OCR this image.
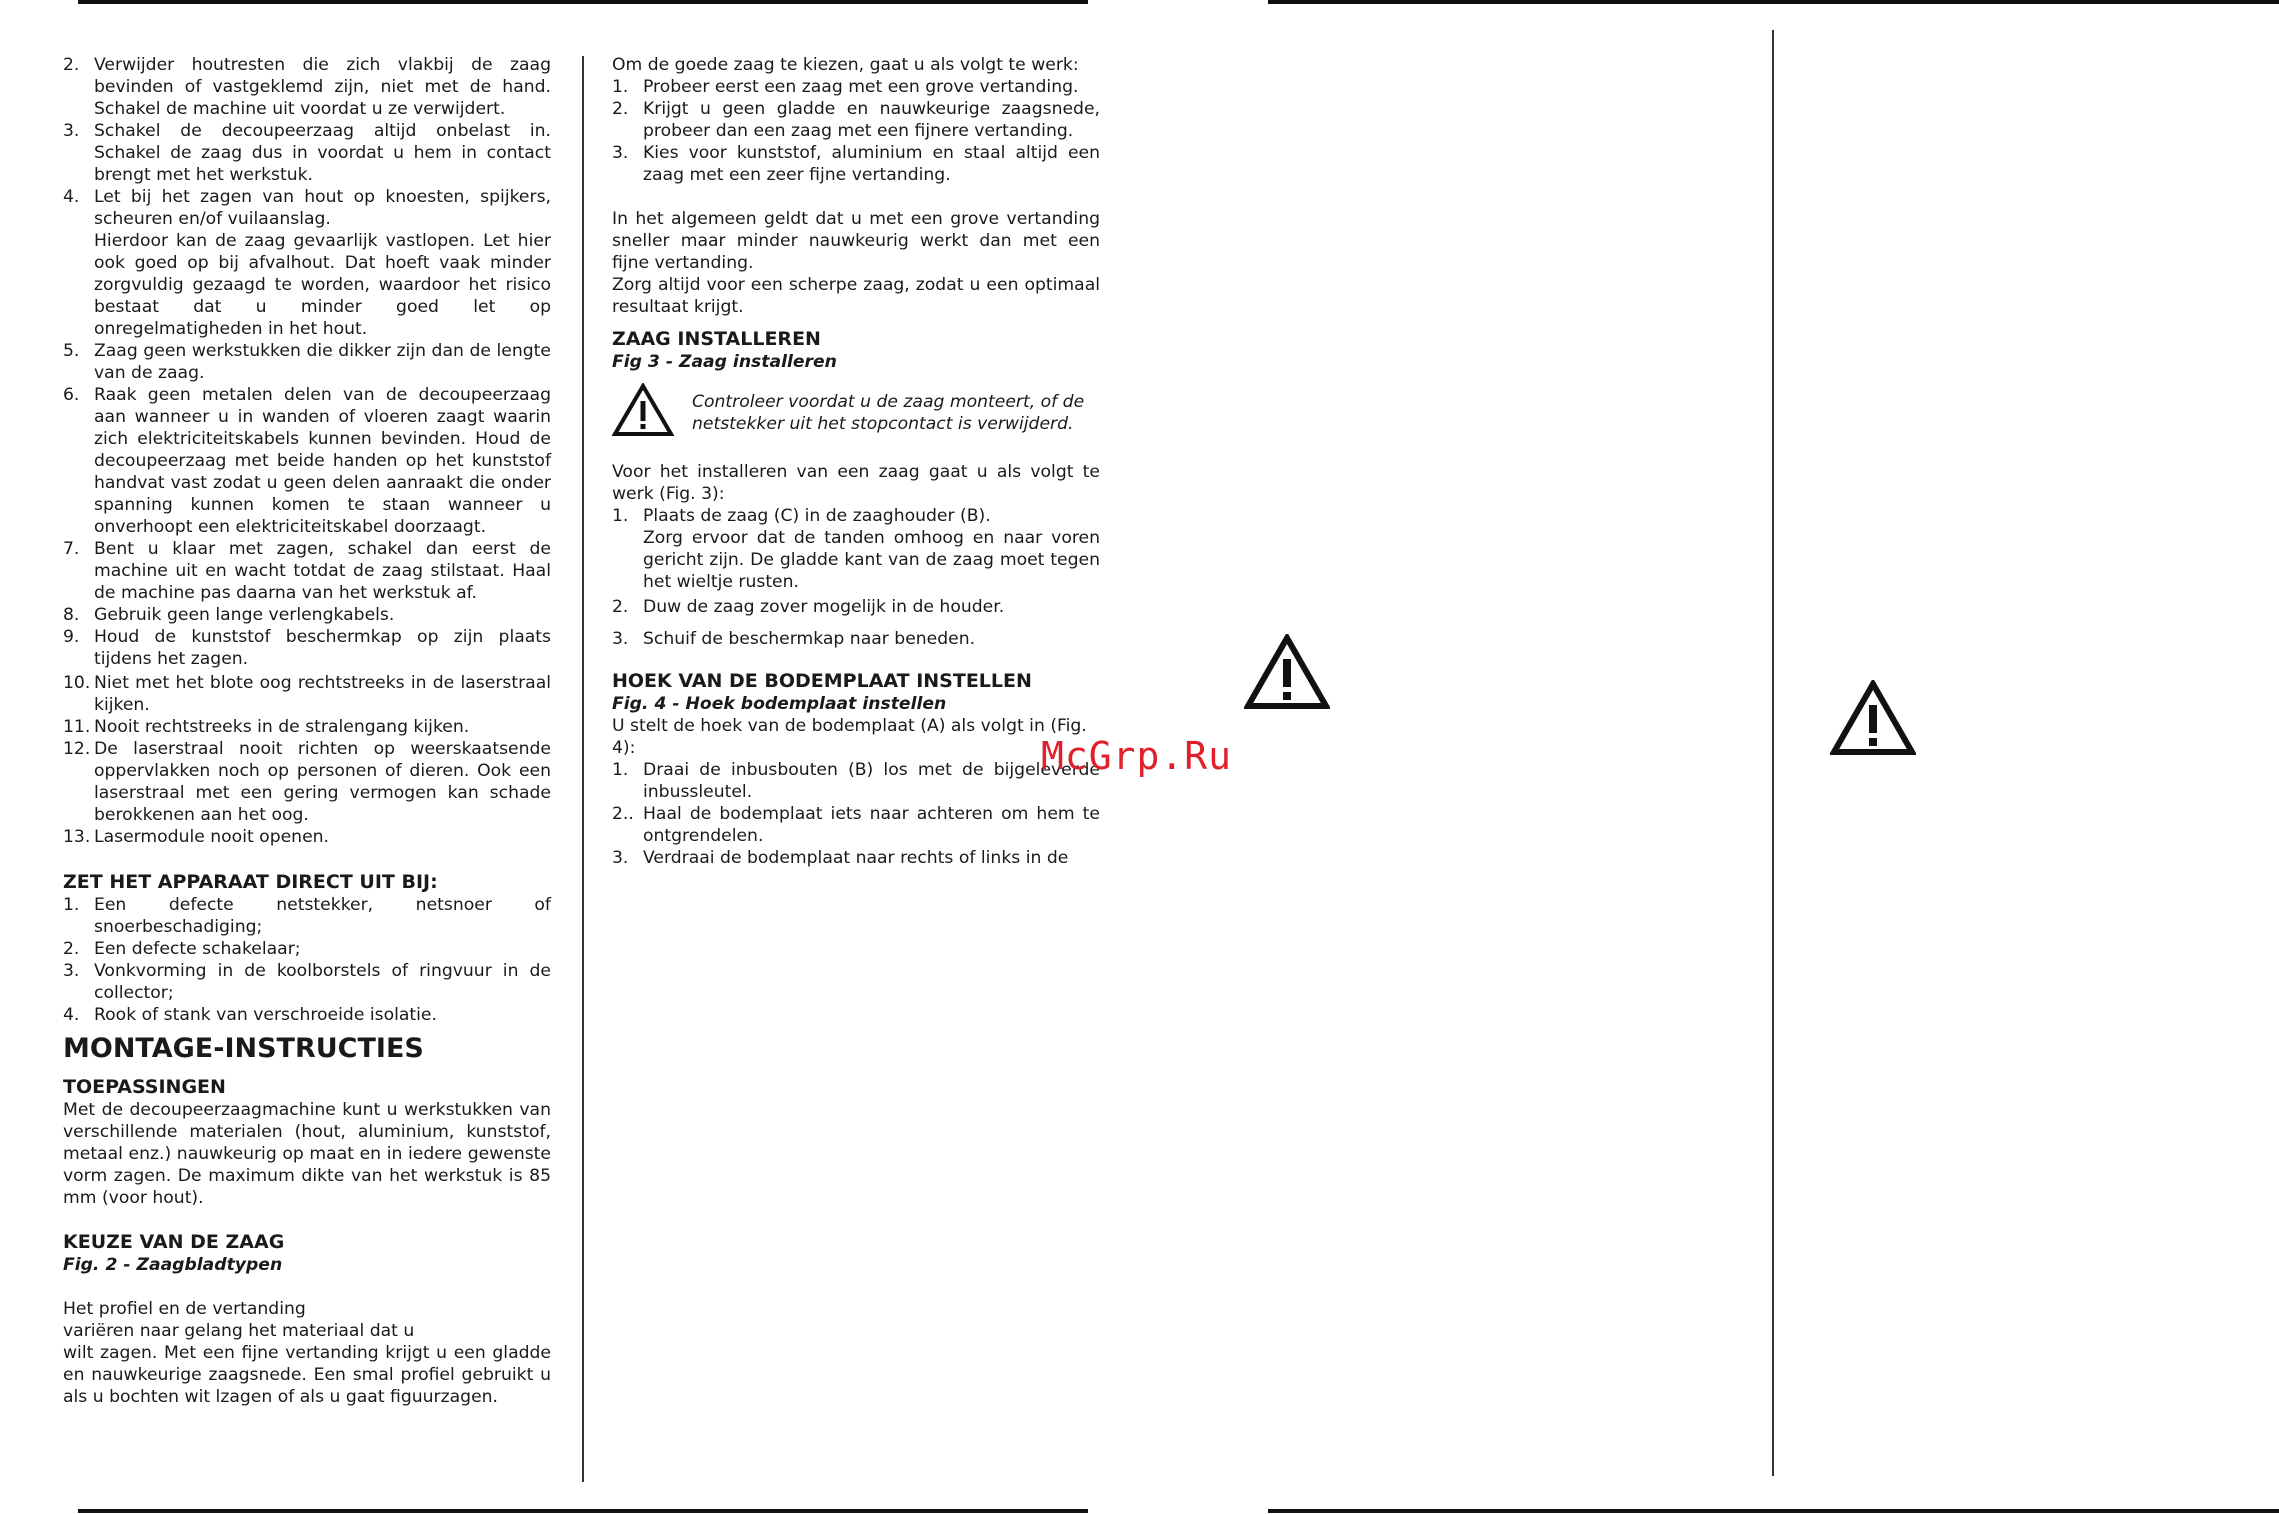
2. Verwijder houtresten die zich vlakbij de zaag bevinden of vastgeklemd zijn, niet met de hand. Schakel de machine uit voordat u ze verwijdert.
3. Schakel de decoupeerzaag altijd onbelast in. Schakel de zaag dus in voordat u hem in contact brengt met het werkstuk.
4. Let bij het zagen van hout op knoesten, spijkers, scheuren en/of vuilaanslag.
Hierdoor kan de zaag gevaarlijk vastlopen. Let hier ook goed op bij afvalhout. Dat hoeft vaak minder zorgvuldig gezaagd te worden, waardoor het risico bestaat dat u minder goed let op onregelmatigheden in het hout.
5. Zaag geen werkstukken die dikker zijn dan de lengte van de zaag.
6. Raak geen metalen delen van de decoupeerzaag aan wanneer u in wanden of vloeren zaagt waarin zich elektriciteitskabels kunnen bevinden. Houd de decoupeerzaag met beide handen op het kunststof handvat vast zodat u geen delen aanraakt die onder spanning kunnen komen te staan wanneer u onverhoopt een elektriciteitskabel doorzaagt.
7. Bent u klaar met zagen, schakel dan eerst de machine uit en wacht totdat de zaag stilstaat. Haal de machine pas daarna van het werkstuk af.
8. Gebruik geen lange verlengkabels.
9. Houd de kunststof beschermkap op zijn plaats tijdens het zagen.
10. Niet met het blote oog rechtstreeks in de laserstraal kijken.
11. Nooit rechtstreeks in de stralengang kijken.
12. De laserstraal nooit richten op weerskaatsende oppervlakken noch op personen of dieren. Ook een laserstraal met een gering vermogen kan schade berokkenen aan het oog.
13. Lasermodule nooit openen.

ZET HET APPARAAT DIRECT UIT BIJ:

1. Een defecte netstekker, netsnoer of snoerbeschadiging;
2. Een defecte schakelaar;
3. Vonkvorming in de koolborstels of ringvuur in de collector;
4. Rook of stank van verschroeide isolatie.

MONTAGE-INSTRUCTIES

TOEPASSINGEN

Met de decoupeerzaagmachine kunt u werkstukken van verschillende materialen (hout, aluminium, kunststof, metaal enz.) nauwkeurig op maat en in iedere gewenste vorm zagen. De maximum dikte van het werkstuk is 85 mm (voor hout).

KEUZE VAN DE ZAAG

Fig. 2 - Zaagbladtypen

Het profiel en de vertanding

variëren naar gelang het materiaal dat u

wilt zagen. Met een fijne vertanding krijgt u een gladde en nauwkeurige zaagsnede. Een smal profiel gebruikt u als u bochten wit lzagen of als u gaat figuurzagen.

Om de goede zaag te kiezen, gaat u als volgt te werk:

1. Probeer eerst een zaag met een grove vertanding.
2. Krijgt u geen gladde en nauwkeurige zaagsnede, probeer dan een zaag met een fijnere vertanding.
3. Kies voor kunststof, aluminium en staal altijd een zaag met een zeer fijne vertanding.

In het algemeen geldt dat u met een grove vertanding sneller maar minder nauwkeurig werkt dan met een fijne vertanding.

Zorg altijd voor een scherpe zaag, zodat u een optimaal resultaat krijgt.

ZAAG INSTALLEREN

Fig 3 - Zaag installeren

Controleer voordat u de zaag monteert, of de netstekker uit het stopcontact is verwijderd.

Voor het installeren van een zaag gaat u als volgt te werk (Fig. 3):

1. Plaats de zaag (C) in de zaaghouder (B).
Zorg ervoor dat de tanden omhoog en naar voren gericht zijn. De gladde kant van de zaag moet tegen het wieltje rusten.
2. Duw de zaag zover mogelijk in de houder.
3. Schuif de beschermkap naar beneden.

HOEK VAN DE BODEMPLAAT INSTELLEN

Fig. 4 - Hoek bodemplaat instellen

U stelt de hoek van de bodemplaat (A) als volgt in (Fig. 4):

1. Draai de inbusbouten (B) los met de bijgeleverde inbussleutel.
2.. Haal de bodemplaat iets naar achteren om hem te ontgrendelen.
3. Verdraai de bodemplaat naar rechts of links in de
McGrp.Ru
